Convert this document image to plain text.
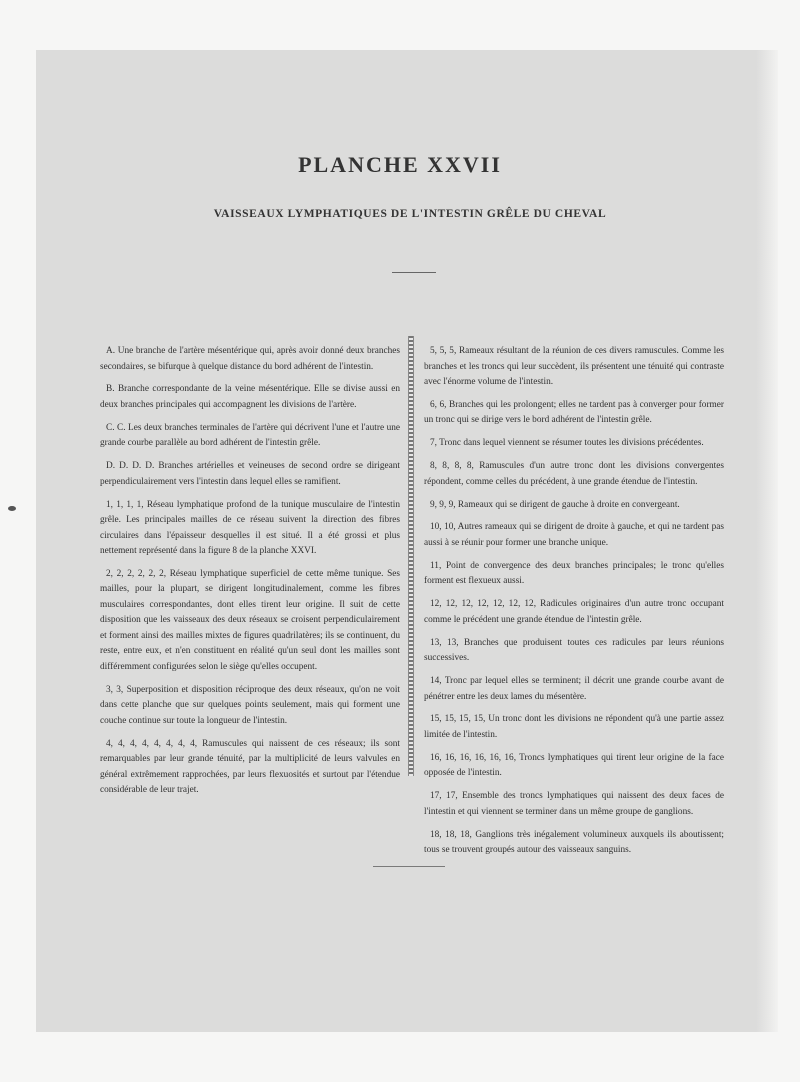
PLANCHE XXVII
VAISSEAUX LYMPHATIQUES DE L'INTESTIN GRÊLE DU CHEVAL

A. Une branche de l'artère mésentérique qui, après avoir donné deux branches secondaires, se bifurque à quelque distance du bord adhérent de l'intestin.

B. Branche correspondante de la veine mésentérique. Elle se divise aussi en deux branches principales qui accompagnent les divisions de l'artère.

C. C. Les deux branches terminales de l'artère qui décrivent l'une et l'autre une grande courbe parallèle au bord adhérent de l'intestin grêle.

D. D. D. D. Branches artérielles et veineuses de second ordre se dirigeant perpendiculairement vers l'intestin dans lequel elles se ramifient.

1, 1, 1, 1, Réseau lymphatique profond de la tunique musculaire de l'intestin grêle. Les principales mailles de ce réseau suivent la direction des fibres circulaires dans l'épaisseur desquelles il est situé. Il a été grossi et plus nettement représenté dans la figure 8 de la planche XXVI.

2, 2, 2, 2, 2, 2, Réseau lymphatique superficiel de cette même tunique. Ses mailles, pour la plupart, se dirigent longitudinalement, comme les fibres musculaires correspondantes, dont elles tirent leur origine. Il suit de cette disposition que les vaisseaux des deux réseaux se croisent perpendiculairement et forment ainsi des mailles mixtes de figures quadrilatères; ils se continuent, du reste, entre eux, et n'en constituent en réalité qu'un seul dont les mailles sont différemment configurées selon le siège qu'elles occupent.

3, 3, Superposition et disposition réciproque des deux réseaux, qu'on ne voit dans cette planche que sur quelques points seulement, mais qui forment une couche continue sur toute la longueur de l'intestin.

4, 4, 4, 4, 4, 4, 4, 4, Ramuscules qui naissent de ces réseaux; ils sont remarquables par leur grande ténuité, par la multiplicité de leurs valvules en général extrêmement rapprochées, par leurs flexuosités et surtout par l'étendue considérable de leur trajet.

5, 5, 5, Rameaux résultant de la réunion de ces divers ramuscules. Comme les branches et les troncs qui leur succèdent, ils présentent une ténuité qui contraste avec l'énorme volume de l'intestin.

6, 6, Branches qui les prolongent; elles ne tardent pas à converger pour former un tronc qui se dirige vers le bord adhérent de l'intestin grêle.

7, Tronc dans lequel viennent se résumer toutes les divisions précédentes.

8, 8, 8, 8, Ramuscules d'un autre tronc dont les divisions convergentes répondent, comme celles du précédent, à une grande étendue de l'intestin.

9, 9, 9, Rameaux qui se dirigent de gauche à droite en convergeant.

10, 10, Autres rameaux qui se dirigent de droite à gauche, et qui ne tardent pas aussi à se réunir pour former une branche unique.

11, Point de convergence des deux branches principales; le tronc qu'elles forment est flexueux aussi.

12, 12, 12, 12, 12, 12, 12, Radicules originaires d'un autre tronc occupant comme le précédent une grande étendue de l'intestin grêle.

13, 13, Branches que produisent toutes ces radicules par leurs réunions successives.

14, Tronc par lequel elles se terminent; il décrit une grande courbe avant de pénétrer entre les deux lames du mésentère.

15, 15, 15, 15, Un tronc dont les divisions ne répondent qu'à une partie assez limitée de l'intestin.

16, 16, 16, 16, 16, 16, Troncs lymphatiques qui tirent leur origine de la face opposée de l'intestin.

17, 17, Ensemble des troncs lymphatiques qui naissent des deux faces de l'intestin et qui viennent se terminer dans un même groupe de ganglions.

18, 18, 18, Ganglions très inégalement volumineux auxquels ils aboutissent; tous se trouvent groupés autour des vaisseaux sanguins.
